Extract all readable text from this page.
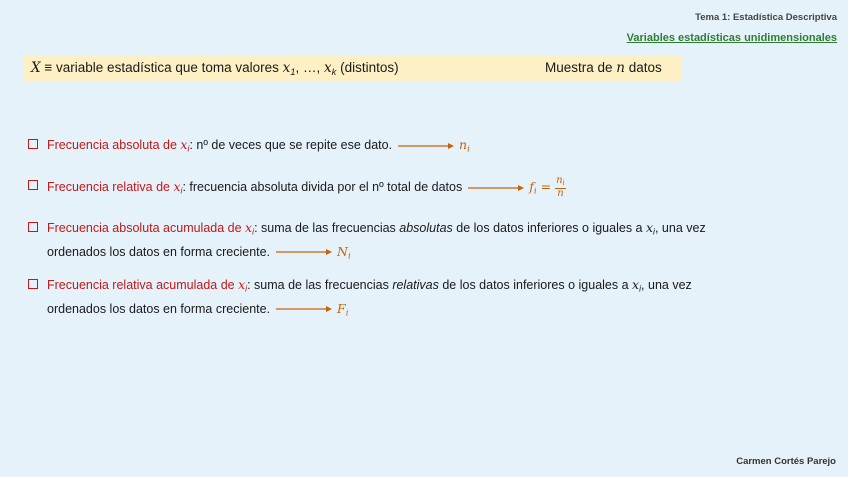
Tema 1: Estadística Descriptiva
Variables estadísticas unidimensionales
X ≡ variable estadística que toma valores $x_1$, …, $x_k$ (distintos)	Muestra de n datos
Frecuencia absoluta de $x_i$: nº de veces que se repite ese dato.	$n_i$
Frecuencia relativa de $x_i$: frecuencia absoluta divida por el nº total de datos	$f_i = \frac{n_i}{n}$
Frecuencia absoluta acumulada de $x_i$: suma de las frecuencias absolutas de los datos inferiores o iguales a $x_i$, una vez
ordenados los datos en forma creciente.	$N_i$
Frecuencia relativa acumulada de $x_i$: suma de las frecuencias relativas de los datos inferiores o iguales a $x_i$, una vez
ordenados los datos en forma creciente.	$F_i$
Carmen Cortés Parejo
